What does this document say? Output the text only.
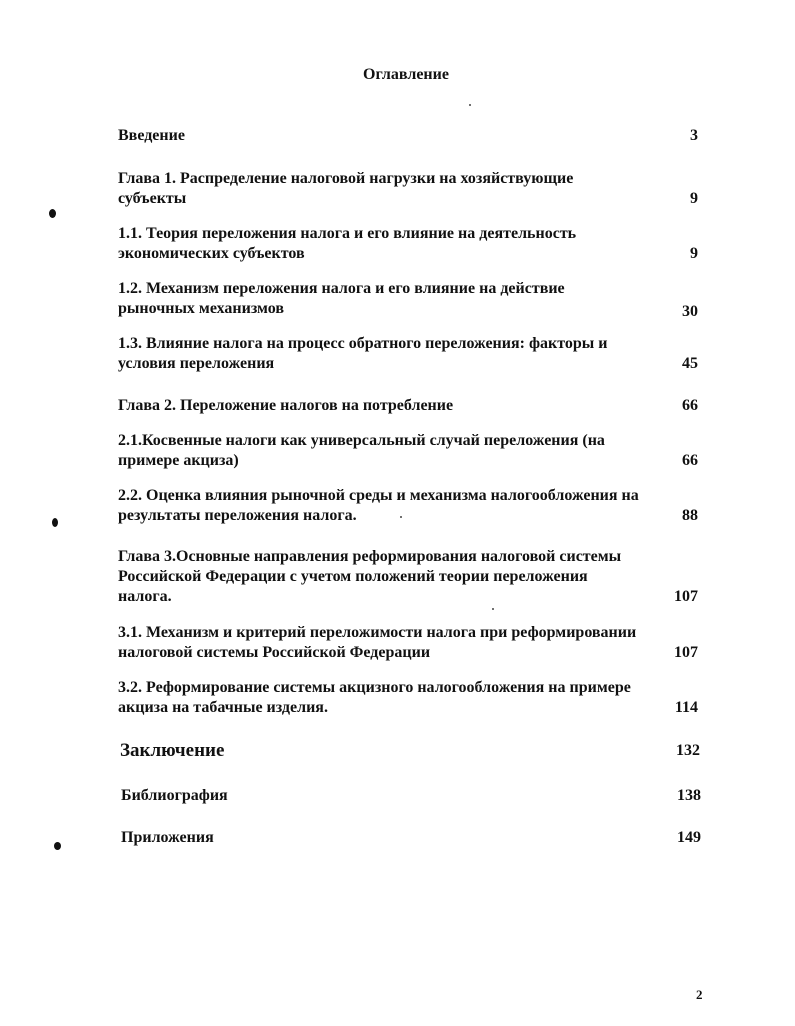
Оглавление
Введение	3
Глава 1. Распределение налоговой нагрузки на хозяйствующие
субъекты	9
1.1. Теория переложения налога и его влияние на деятельность
экономических субъектов	9
1.2. Механизм переложения налога и его влияние на действие
рыночных механизмов	30
1.3. Влияние налога на процесс обратного переложения: факторы и
условия переложения	45
Глава 2. Переложение налогов на потребление	66
2.1.Косвенные налоги как универсальный случай переложения (на
примере акциза)	66
2.2. Оценка влияния рыночной среды и механизма налогообложения на
результаты переложения налога.	88
Глава 3.Основные направления реформирования налоговой системы
Российской Федерации с учетом положений теории переложения
налога.	107
3.1. Механизм и критерий переложимости налога при реформировании
налоговой системы Российской Федерации	107
3.2. Реформирование системы акцизного налогообложения на примере
акциза на табачные изделия.	114
Заключение	132
Библиография	138
Приложения	149
2
